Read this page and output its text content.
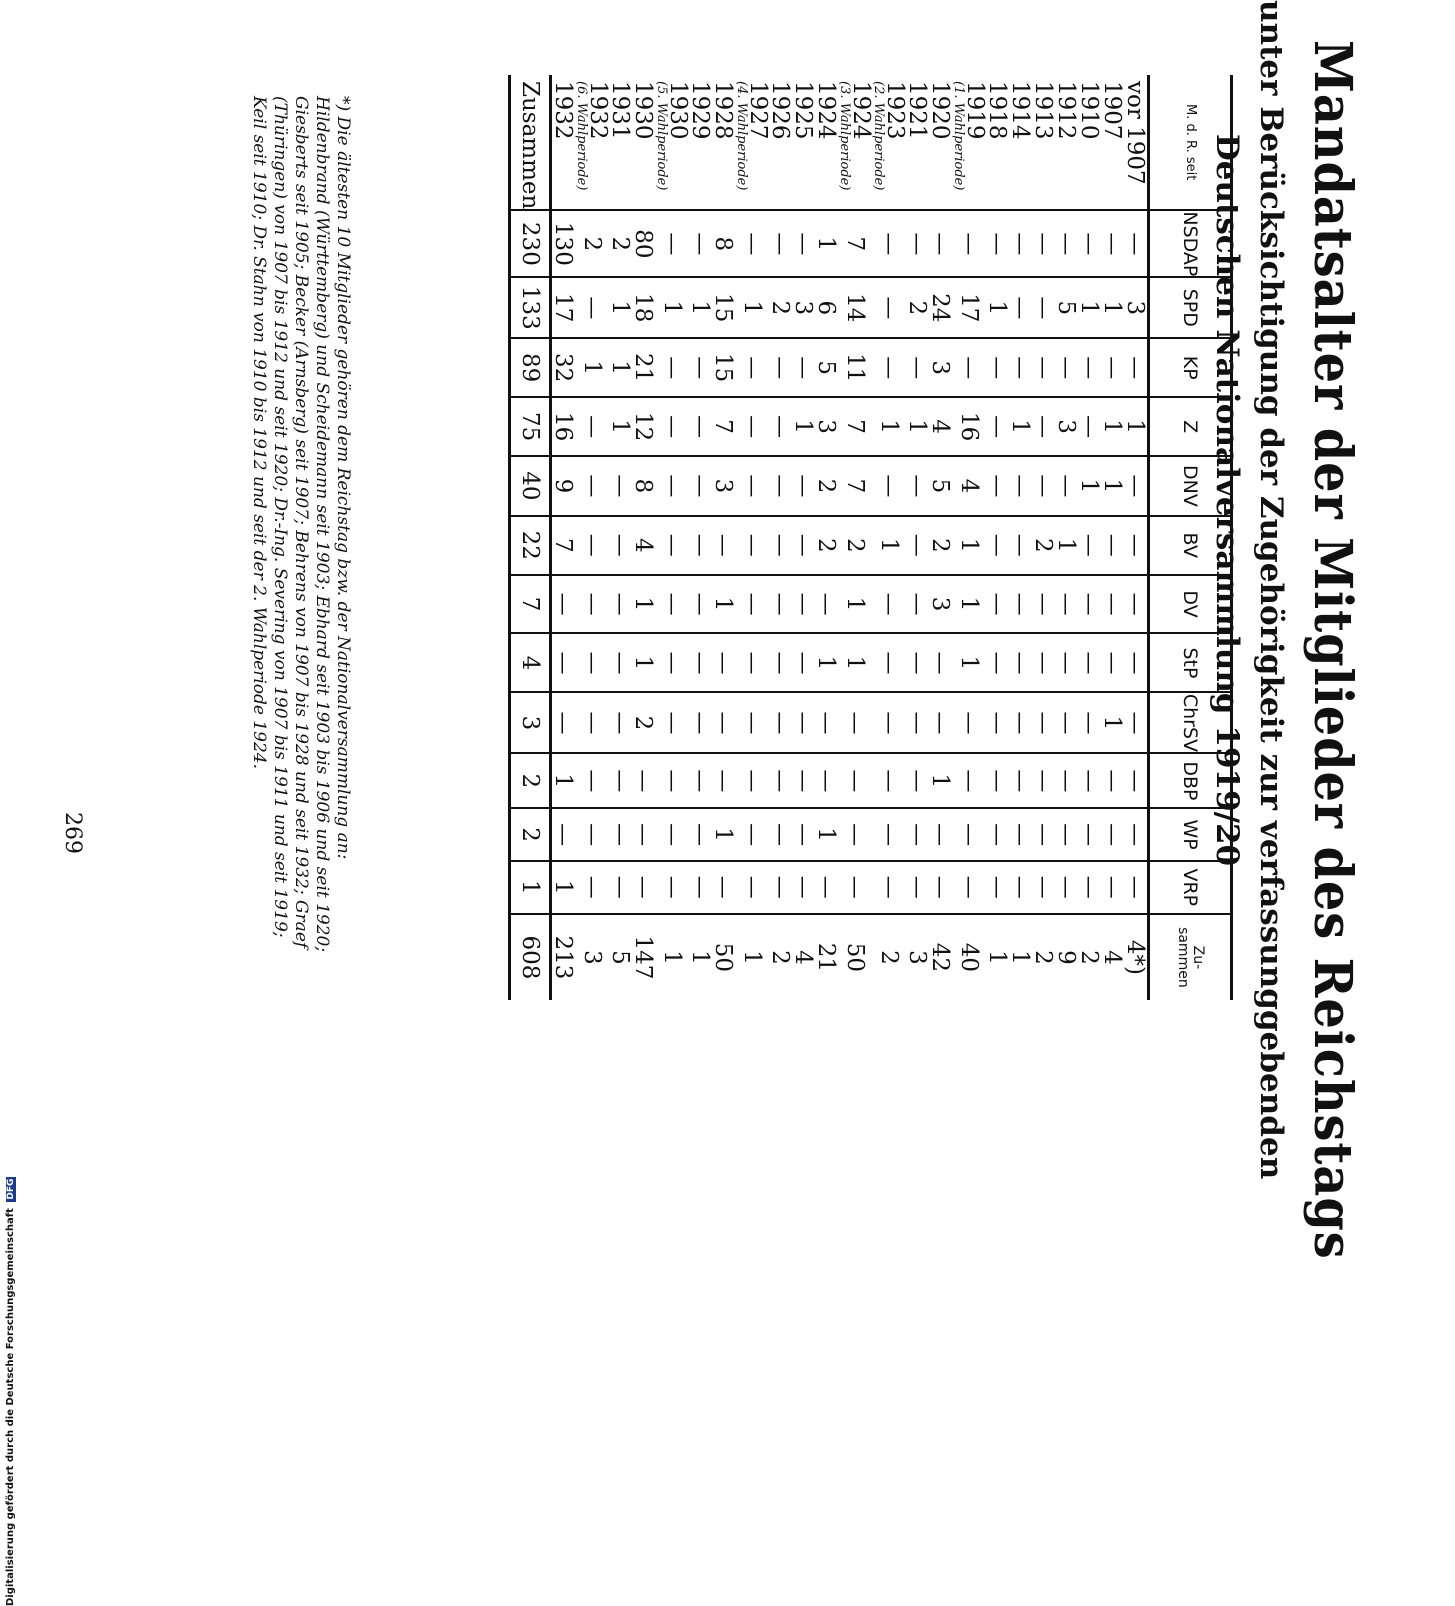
Digitalisierung gefördert durch die Deutsche Forschungsgemeinschaft DFG
269	Mandatsalter der Mitglieder des Reichstags
unter Berücksichtigung der Zugehörigkeit zur verfassunggebenden
Deutschen Nationalversammlung 1919/20
M. d. R. seit	NSDAP	SPD	KP	Z	DNV	BV	DV	StP	ChrSV	DBP	WP	VRP	Zu- sammen
vor 1907	—	3	—	1	—	—	—	—	—	—	—	—	4*)
1907	—	1	—	1	1	—	—	—	1	—	—	—	4
1910	—	1	—	—	1	—	—	—	—	—	—	—	2
1912	—	5	—	3	—	1	—	—	—	—	—	—	9
1913	—	—	—	—	—	2	—	—	—	—	—	—	2
1914	—	—	—	1	—	—	—	—	—	—	—	—	1
1918	—	1	—	—	—	—	—	—	—	—	—	—	1
1919
(1. Wahlperiode)	—	17	—	16	4	1	1	1	—	—	—	—	40
1920	—	24	3	4	5	2	3	—	—	1	—	—	42
1921	—	2	—	1	—	—	—	—	—	—	—	—	3
1923
(2. Wahlperiode)	—	—	—	1	—	1	—	—	—	—	—	—	2
1924
(3. Wahlperiode)	7	14	11	7	7	2	1	1	—	—	—	—	50
1924	1	6	5	3	2	2	—	1	—	—	1	—	21
1925	—	3	—	1	—	—	—	—	—	—	—	—	4
1926	—	2	—	—	—	—	—	—	—	—	—	—	2
1927
(4. Wahlperiode)	—	1	—	—	—	—	—	—	—	—	—	—	1
1928	8	15	15	7	3	—	1	—	—	—	1	—	50
1929	—	1	—	—	—	—	—	—	—	—	—	—	1
1930
(5. Wahlperiode)	—	1	—	—	—	—	—	—	—	—	—	—	1
1930	80	18	21	12	8	4	1	1	2	—	—	—	147
1931	2	1	1	1	—	—	—	—	—	—	—	—	5
1932
(6. Wahlperiode)	2	—	1	—	—	—	—	—	—	—	—	—	3
1932	130	17	32	16	9	7	—	—	—	1	—	1	213
Zusammen	230	133	89	75	40	22	7	4	3	2	2	1	608
*) Die ältesten 10 Mitglieder gehören dem Reichstag bzw. der Nationalversammlung an: Hildenbrand (Württemberg) und Scheidemann seit 1903; Ebhard seit 1903 bis 1906 und seit 1920; Giesberts seit 1905; Becker (Arnsberg) seit 1907; Behrens von 1907 bis 1928 und seit 1932; Graef (Thüringen) von 1907 bis 1912 und seit 1920; Dr.-Ing. Severing von 1907 bis 1911 und seit 1919; Keil seit 1910; Dr. Stahn von 1910 bis 1912 und seit der 2. Wahlperiode 1924.
